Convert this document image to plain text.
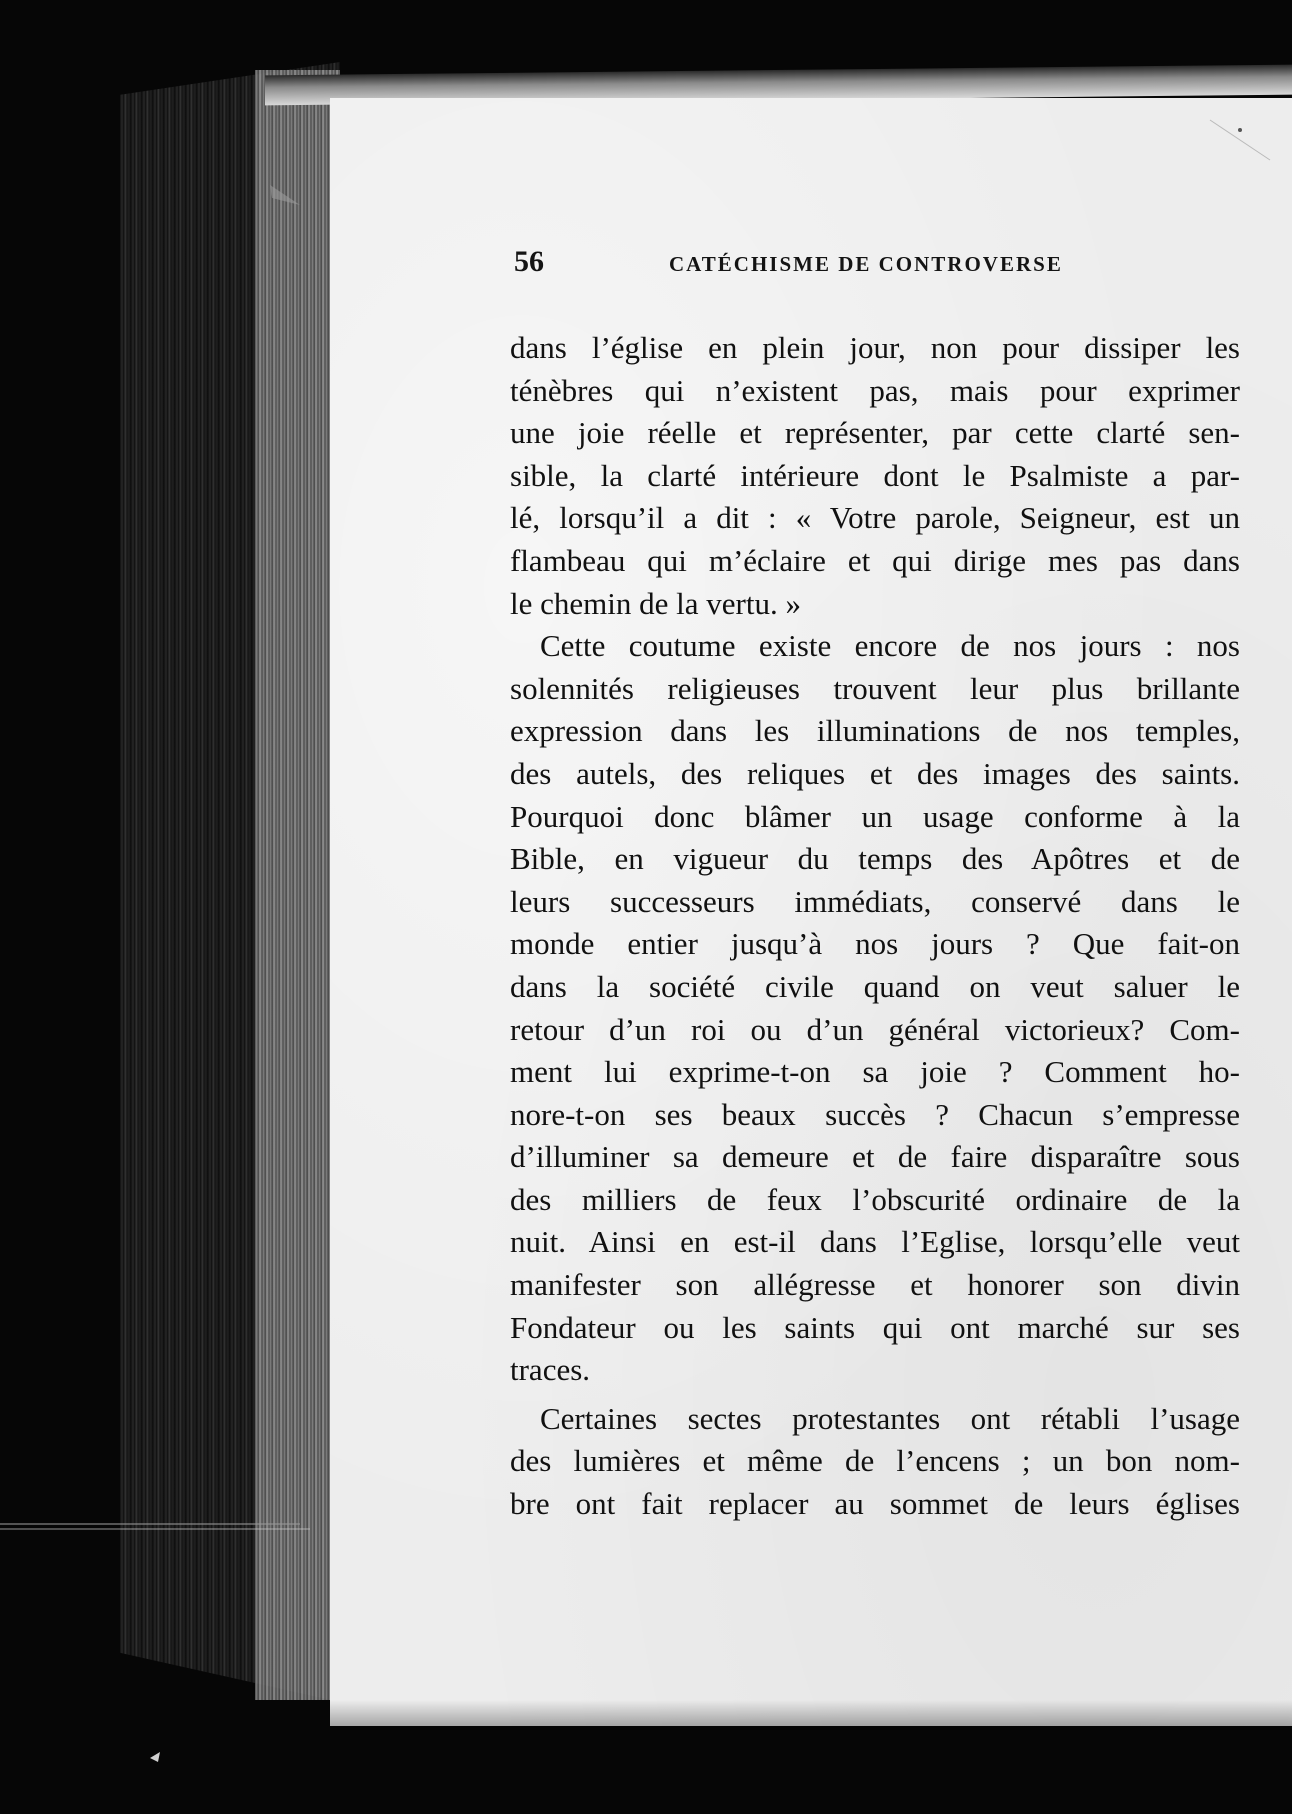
56	CATÉCHISME DE CONTROVERSE
dans l’église en plein jour, non pour dissiper les
ténèbres qui n’existent pas, mais pour exprimer
une joie réelle et représenter, par cette clarté sen-
sible, la clarté intérieure dont le Psalmiste a par-
lé, lorsqu’il a dit : « Votre parole, Seigneur, est un
flambeau qui m’éclaire et qui dirige mes pas dans
le chemin de la vertu. »
Cette coutume existe encore de nos jours : nos
solennités religieuses trouvent leur plus brillante
expression dans les illuminations de nos temples,
des autels, des reliques et des images des saints.
Pourquoi donc blâmer un usage conforme à la
Bible, en vigueur du temps des Apôtres et de
leurs successeurs immédiats, conservé dans le
monde entier jusqu’à nos jours ? Que fait-on
dans la société civile quand on veut saluer le
retour d’un roi ou d’un général victorieux? Com-
ment lui exprime-t-on sa joie ? Comment ho-
nore-t-on ses beaux succès ? Chacun s’empresse
d’illuminer sa demeure et de faire disparaître sous
des milliers de feux l’obscurité ordinaire de la
nuit. Ainsi en est-il dans l’Eglise, lorsqu’elle veut
manifester son allégresse et honorer son divin
Fondateur ou les saints qui ont marché sur ses
traces.
Certaines sectes protestantes ont rétabli l’usage
des lumières et même de l’encens ; un bon nom-
bre ont fait replacer au sommet de leurs églises
